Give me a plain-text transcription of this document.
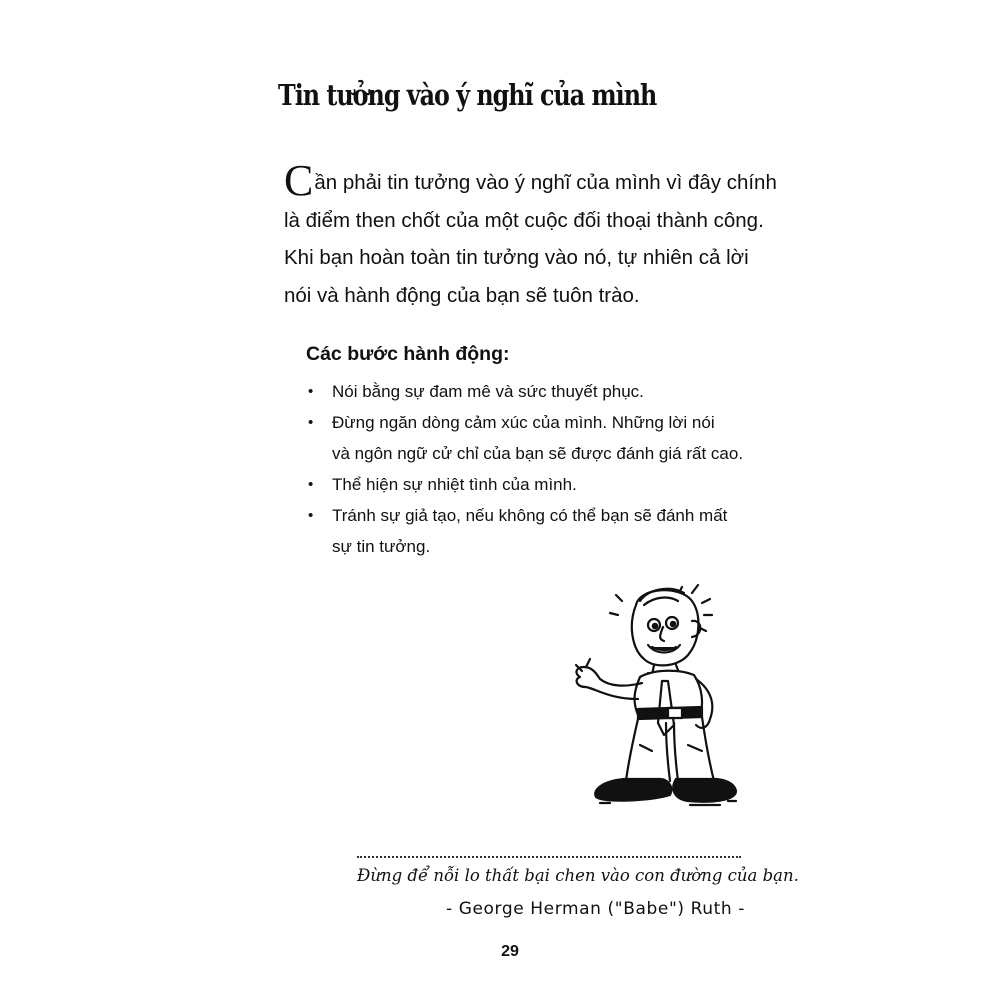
Tin tưởng vào ý nghĩ của mình

Cần phải tin tưởng vào ý nghĩ của mình vì đây chính
là điểm then chốt của một cuộc đối thoại thành công.
Khi bạn hoàn toàn tin tưởng vào nó, tự nhiên cả lời
nói và hành động của bạn sẽ tuôn trào.

Các bước hành động:
• Nói bằng sự đam mê và sức thuyết phục.
• Đừng ngăn dòng cảm xúc của mình. Những lời nói
và ngôn ngữ cử chỉ của bạn sẽ được đánh giá rất cao.
• Thể hiện sự nhiệt tình của mình.
• Tránh sự giả tạo, nếu không có thể bạn sẽ đánh mất
sự tin tưởng.

Đừng để nỗi lo thất bại chen vào con đường của bạn.

- George Herman ("Babe") Ruth -

29
